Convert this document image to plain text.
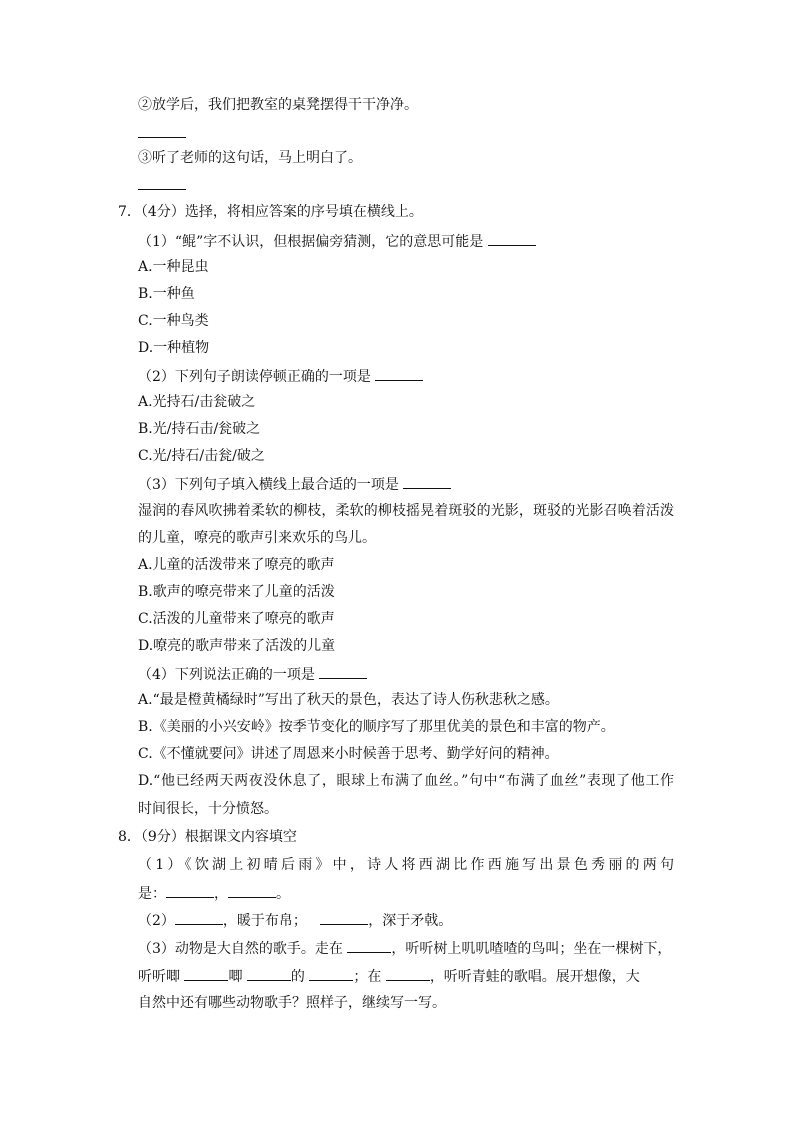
②放学后，我们把教室的桌凳摆得干干净净。
③听了老师的这句话，马上明白了。
7．（4分）选择，将相应答案的序号填在横线上。
（1）“鲲”字不认识，但根据偏旁猜测，它的意思可能是
A.一种昆虫
B.一种鱼
C.一种鸟类
D.一种植物
（2）下列句子朗读停顿正确的一项是
A.光持石/击瓮破之
B.光/持石击/瓮破之
C.光/持石/击瓮/破之
（3）下列句子填入横线上最合适的一项是
湿润的春风吹拂着柔软的柳枝，柔软的柳枝摇晃着斑驳的光影，斑驳的光影召唤着活泼
的儿童，嘹亮的歌声引来欢乐的鸟儿。
A.儿童的活泼带来了嘹亮的歌声
B.歌声的嘹亮带来了儿童的活泼
C.活泼的儿童带来了嘹亮的歌声
D.嘹亮的歌声带来了活泼的儿童
（4）下列说法正确的一项是
A.“最是橙黄橘绿时”写出了秋天的景色，表达了诗人伤秋悲秋之感。
B.《美丽的小兴安岭》按季节变化的顺序写了那里优美的景色和丰富的物产。
C.《不懂就要问》讲述了周恩来小时候善于思考、勤学好问的精神。
D.“他已经两天两夜没休息了，眼球上布满了血丝。”句中“布满了血丝”表现了他工作
时间很长，十分愤怒。
8．（9分）根据课文内容填空
（1）《饮湖上初晴后雨》中，诗人将西湖比作西施写出景色秀丽的两句
是：	，	。
（2）	，暖于布帛；	，深于矛戟。
（3）动物是大自然的歌手。走在	，听听树上叽叽喳喳的鸟叫；坐在一棵树下，
听听唧	唧	的	；在	，听听青蛙的歌唱。展开想像，大
自然中还有哪些动物歌手？照样子，继续写一写。
